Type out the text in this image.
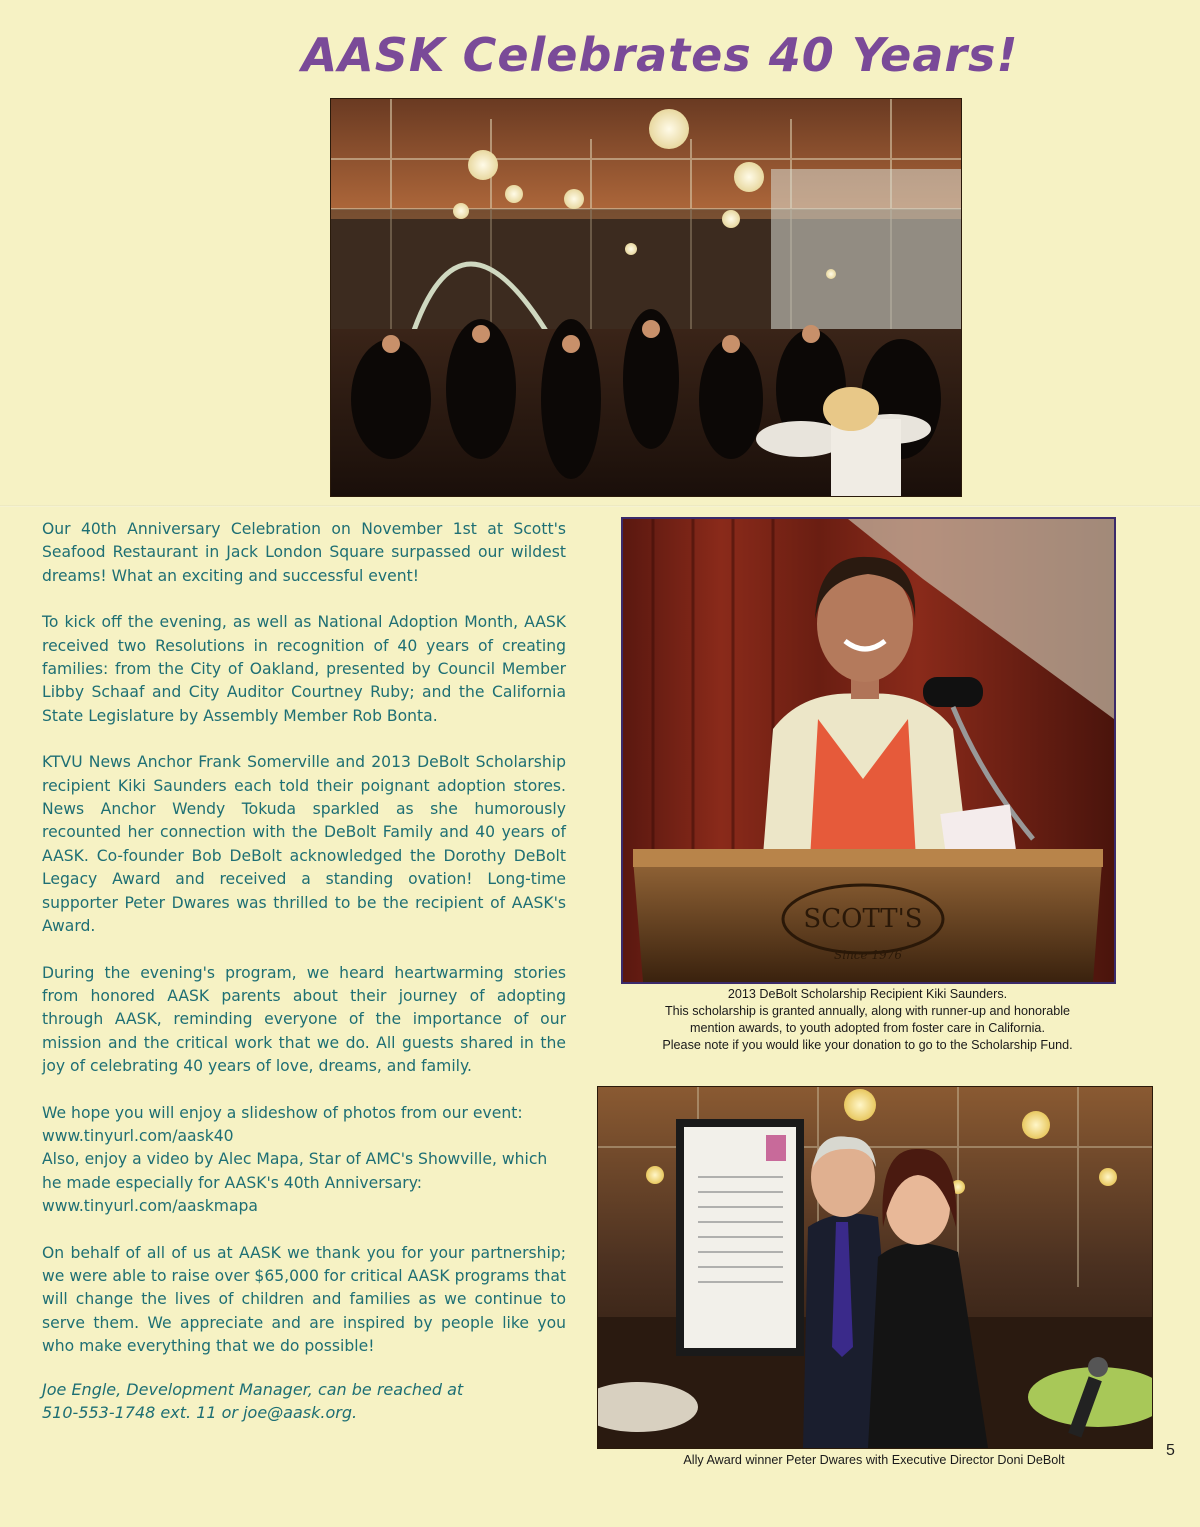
AASK Celebrates 40 Years!

Our 40th Anniversary Celebration on November 1st at Scott's Seafood Restaurant in Jack London Square surpassed our wildest dreams! What an exciting and successful event!

To kick off the evening, as well as National Adoption Month, AASK received two Resolutions in recognition of 40 years of creating families: from the City of Oakland, presented by Council Member Libby Schaaf and City Auditor Courtney Ruby; and the California State Legislature by Assembly Member Rob Bonta.

KTVU News Anchor Frank Somerville and 2013 DeBolt Scholarship recipient Kiki Saunders each told their poignant adoption stores. News Anchor Wendy Tokuda sparkled as she humorously recounted her connection with the DeBolt Family and 40 years of AASK. Co-founder Bob DeBolt acknowledged the Dorothy DeBolt Legacy Award and received a standing ovation! Long-time supporter Peter Dwares was thrilled to be the recipient of AASK's Award.

During the evening's program, we heard heartwarming stories from honored AASK parents about their journey of adopting through AASK, reminding everyone of the importance of our mission and the critical work that we do. All guests shared in the joy of celebrating 40 years of love, dreams, and family.

We hope you will enjoy a slideshow of photos from our event:

www.tinyurl.com/aask40

Also, enjoy a video by Alec Mapa, Star of AMC's Showville, which he made especially for AASK's 40th Anniversary:

www.tinyurl.com/aaskmapa

On behalf of all of us at AASK we thank you for your partnership; we were able to raise over $65,000 for critical AASK programs that will change the lives of children and families as we continue to serve them. We appreciate and are inspired by people like you who make everything that we do possible!

Joe Engle, Development Manager, can be reached at
510-553-1748 ext. 11 or joe@aask.org.
SCOTT'S
Since 1976
2013 DeBolt Scholarship Recipient Kiki Saunders.
This scholarship is granted annually, along with runner-up and honorable
mention awards, to youth adopted from foster care in California.
Please note if you would like your donation to go to the Scholarship Fund.
Ally Award winner Peter Dwares with Executive Director Doni DeBolt
5
